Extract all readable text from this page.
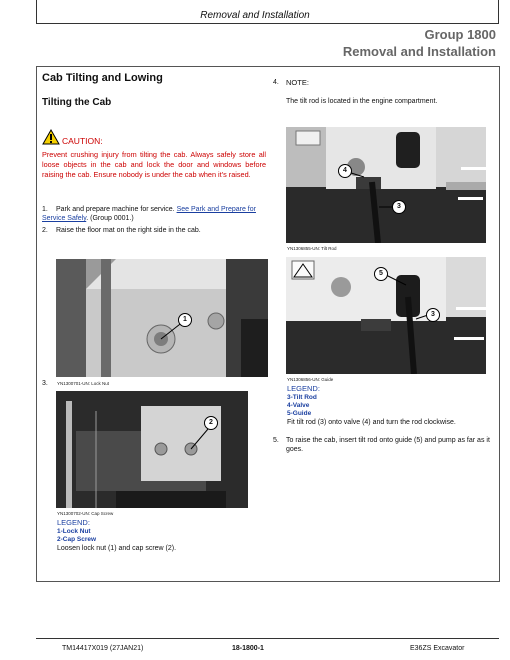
Removal and Installation
Group 1800
Removal and Installation
Cab Tilting and Lowing
Tilting the Cab
CAUTION:
Prevent crushing injury from tilting the cab. Always safely store all loose objects in the cab and lock the door and windows before raising the cab. Ensure nobody is under the cab when it's raised.
1. Park and prepare machine for service. See Park and Prepare for Service Safely. (Group 0001.)
2. Raise the floor mat on the right side in the cab.
1
3. YN1300701-UN: Lock Nut
2
YN1300702-UN: Cap Screw
LEGEND:
1-Lock Nut
2-Cap Screw
Loosen lock nut (1) and cap screw (2).
4. NOTE:
The tilt rod is located in the engine compartment.
4
3
YN1306855-UN: Tilt Rod
5
3
YN1306856-UN: Guide
LEGEND:
3-Tilt Rod
4-Valve
5-Guide
Fit tilt rod (3) onto valve (4) and turn the rod clockwise.
5. To raise the cab, insert tilt rod onto guide (5) and pump as far as it goes.
TM14417X019 (27JAN21)	18-1800-1	E36ZS Excavator
